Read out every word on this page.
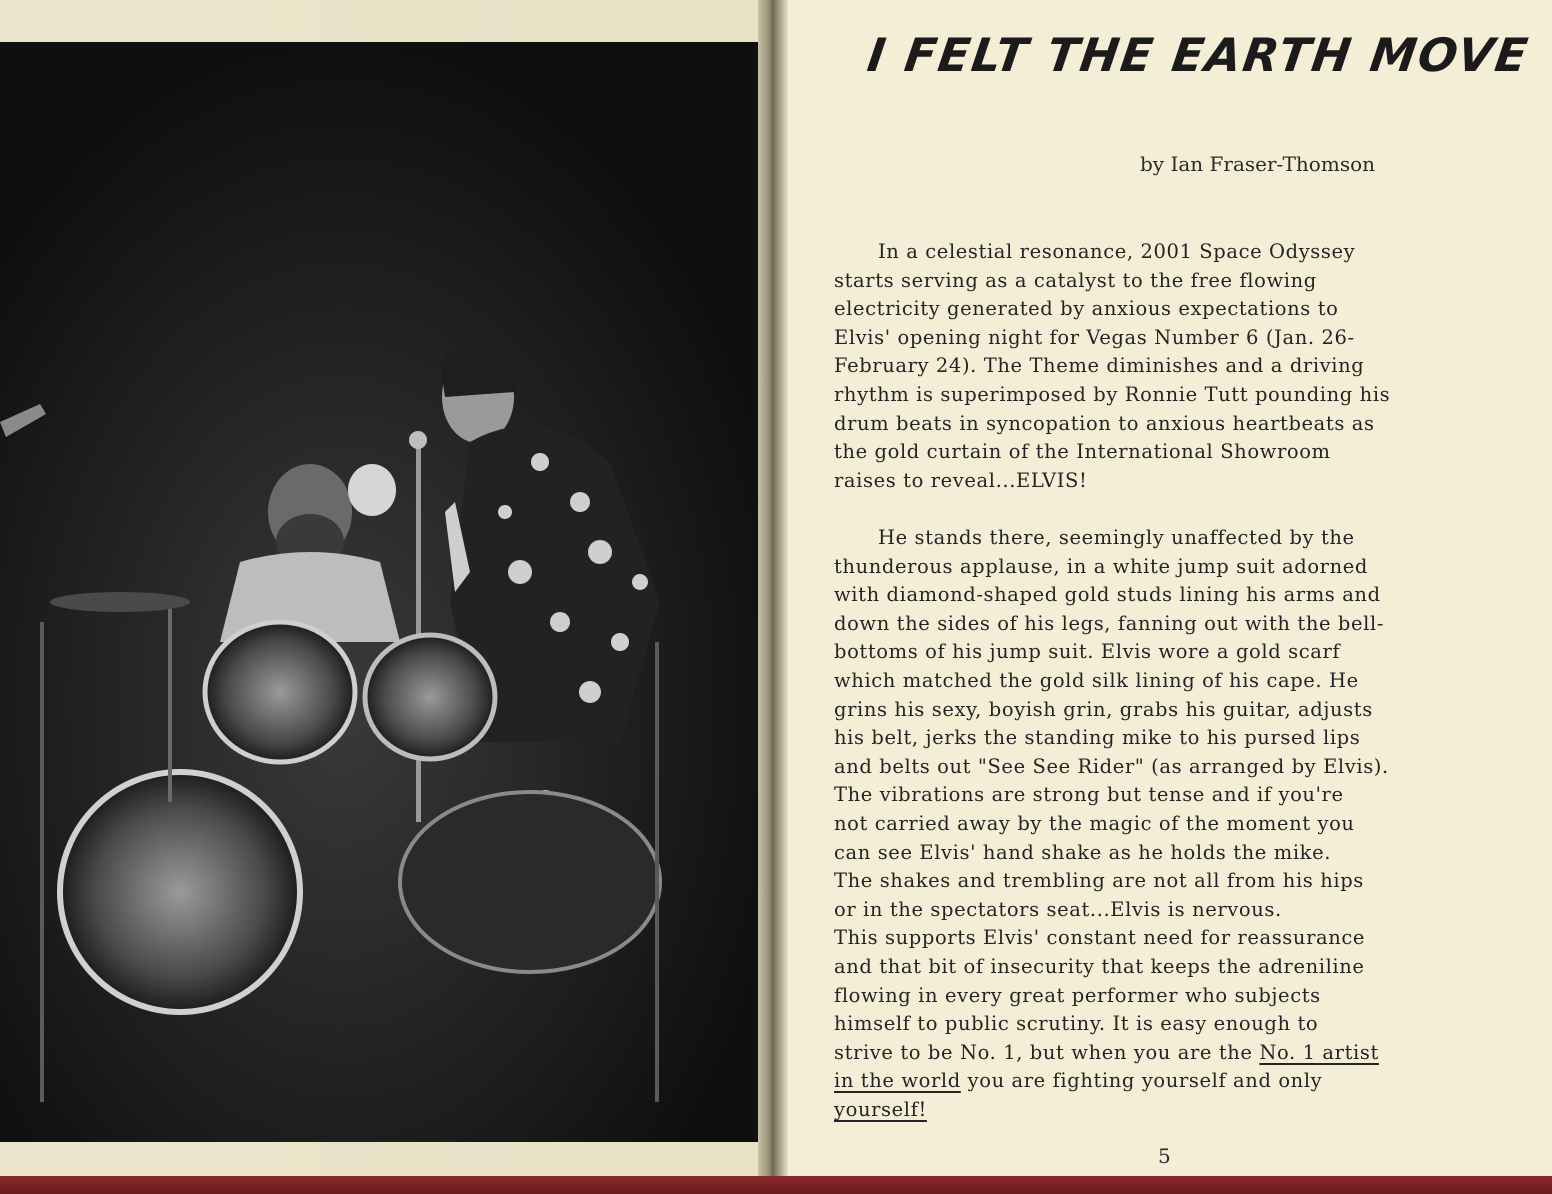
I FELT THE EARTH MOVE
by Ian Fraser-Thomson
In a celestial resonance, 2001 Space Odyssey
starts serving as a catalyst to the free flowing
electricity generated by anxious expectations to
Elvis' opening night for Vegas Number 6 (Jan. 26-
February 24). The Theme diminishes and a driving
rhythm is superimposed by Ronnie Tutt pounding his
drum beats in syncopation to anxious heartbeats as
the gold curtain of the International Showroom
raises to reveal...ELVIS!
He stands there, seemingly unaffected by the
thunderous applause, in a white jump suit adorned
with diamond-shaped gold studs lining his arms and
down the sides of his legs, fanning out with the bell-
bottoms of his jump suit. Elvis wore a gold scarf
which matched the gold silk lining of his cape. He
grins his sexy, boyish grin, grabs his guitar, adjusts
his belt, jerks the standing mike to his pursed lips
and belts out "See See Rider" (as arranged by Elvis).
The vibrations are strong but tense and if you're
not carried away by the magic of the moment you
can see Elvis' hand shake as he holds the mike.
The shakes and trembling are not all from his hips
or in the spectators seat...Elvis is nervous.
This supports Elvis' constant need for reassurance
and that bit of insecurity that keeps the adreniline
flowing in every great performer who subjects
himself to public scrutiny. It is easy enough to
strive to be No. 1, but when you are the No. 1 artist
in the world you are fighting yourself and only
yourself!
5
